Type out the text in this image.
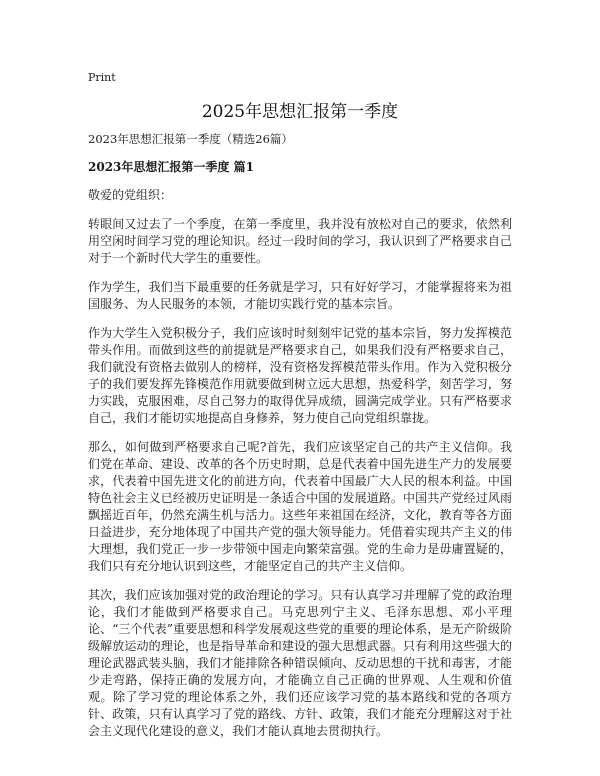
Print
2025年思想汇报第一季度

2023年思想汇报第一季度（精选26篇）

2023年思想汇报第一季度 篇1

敬爱的党组织：

转眼间又过去了一个季度，在第一季度里，我并没有放松对自己的要求，依然利用空闲时间学习党的理论知识。经过一段时间的学习，我认识到了严格要求自己对于一个新时代大学生的重要性。

作为学生，我们当下最重要的任务就是学习，只有好好学习，才能掌握将来为祖国服务、为人民服务的本领，才能切实践行党的基本宗旨。

作为大学生入党积极分子，我们应该时时刻刻牢记党的基本宗旨，努力发挥模范带头作用。而做到这些的前提就是严格要求自己，如果我们没有严格要求自己，我们就没有资格去做别人的榜样，没有资格发挥模范带头作用。作为入党积极分子的我们要发挥先锋模范作用就要做到树立远大思想，热爱科学，刻苦学习，努力实践，克服困难，尽自己努力的取得优异成绩，圆满完成学业。只有严格要求自己，我们才能切实地提高自身修养，努力使自己向党组织靠拢。

那么，如何做到严格要求自己呢?首先，我们应该坚定自己的共产主义信仰。我们党在革命、建设、改革的各个历史时期，总是代表着中国先进生产力的发展要求，代表着中国先进文化的前进方向，代表着中国最广大人民的根本利益。中国特色社会主义已经被历史证明是一条适合中国的发展道路。中国共产党经过风雨飘摇近百年，仍然充满生机与活力。这些年来祖国在经济，文化，教育等各方面日益进步，充分地体现了中国共产党的强大领导能力。凭借着实现共产主义的伟大理想，我们党正一步一步带领中国走向繁荣富强。党的生命力是毋庸置疑的，我们只有充分地认识到这些，才能坚定自己的共产主义信仰。

其次，我们应该加强对党的政治理论的学习。只有认真学习并理解了党的政治理论，我们才能做到严格要求自己。马克思列宁主义、毛泽东思想、邓小平理论、“三个代表”重要思想和科学发展观这些党的重要的理论体系，是无产阶级阶级解放运动的理论，也是指导革命和建设的强大思想武器。只有利用这些强大的理论武器武装头脑，我们才能排除各种错误倾向、反动思想的干扰和毒害，才能少走弯路，保持正确的发展方向，才能确立自己正确的世界观、人生观和价值观。除了学习党的理论体系之外，我们还应该学习党的基本路线和党的各项方针、政策，只有认真学习了党的路线、方针、政策，我们才能充分理解这对于社会主义现代化建设的意义，我们才能认真地去贯彻执行。
